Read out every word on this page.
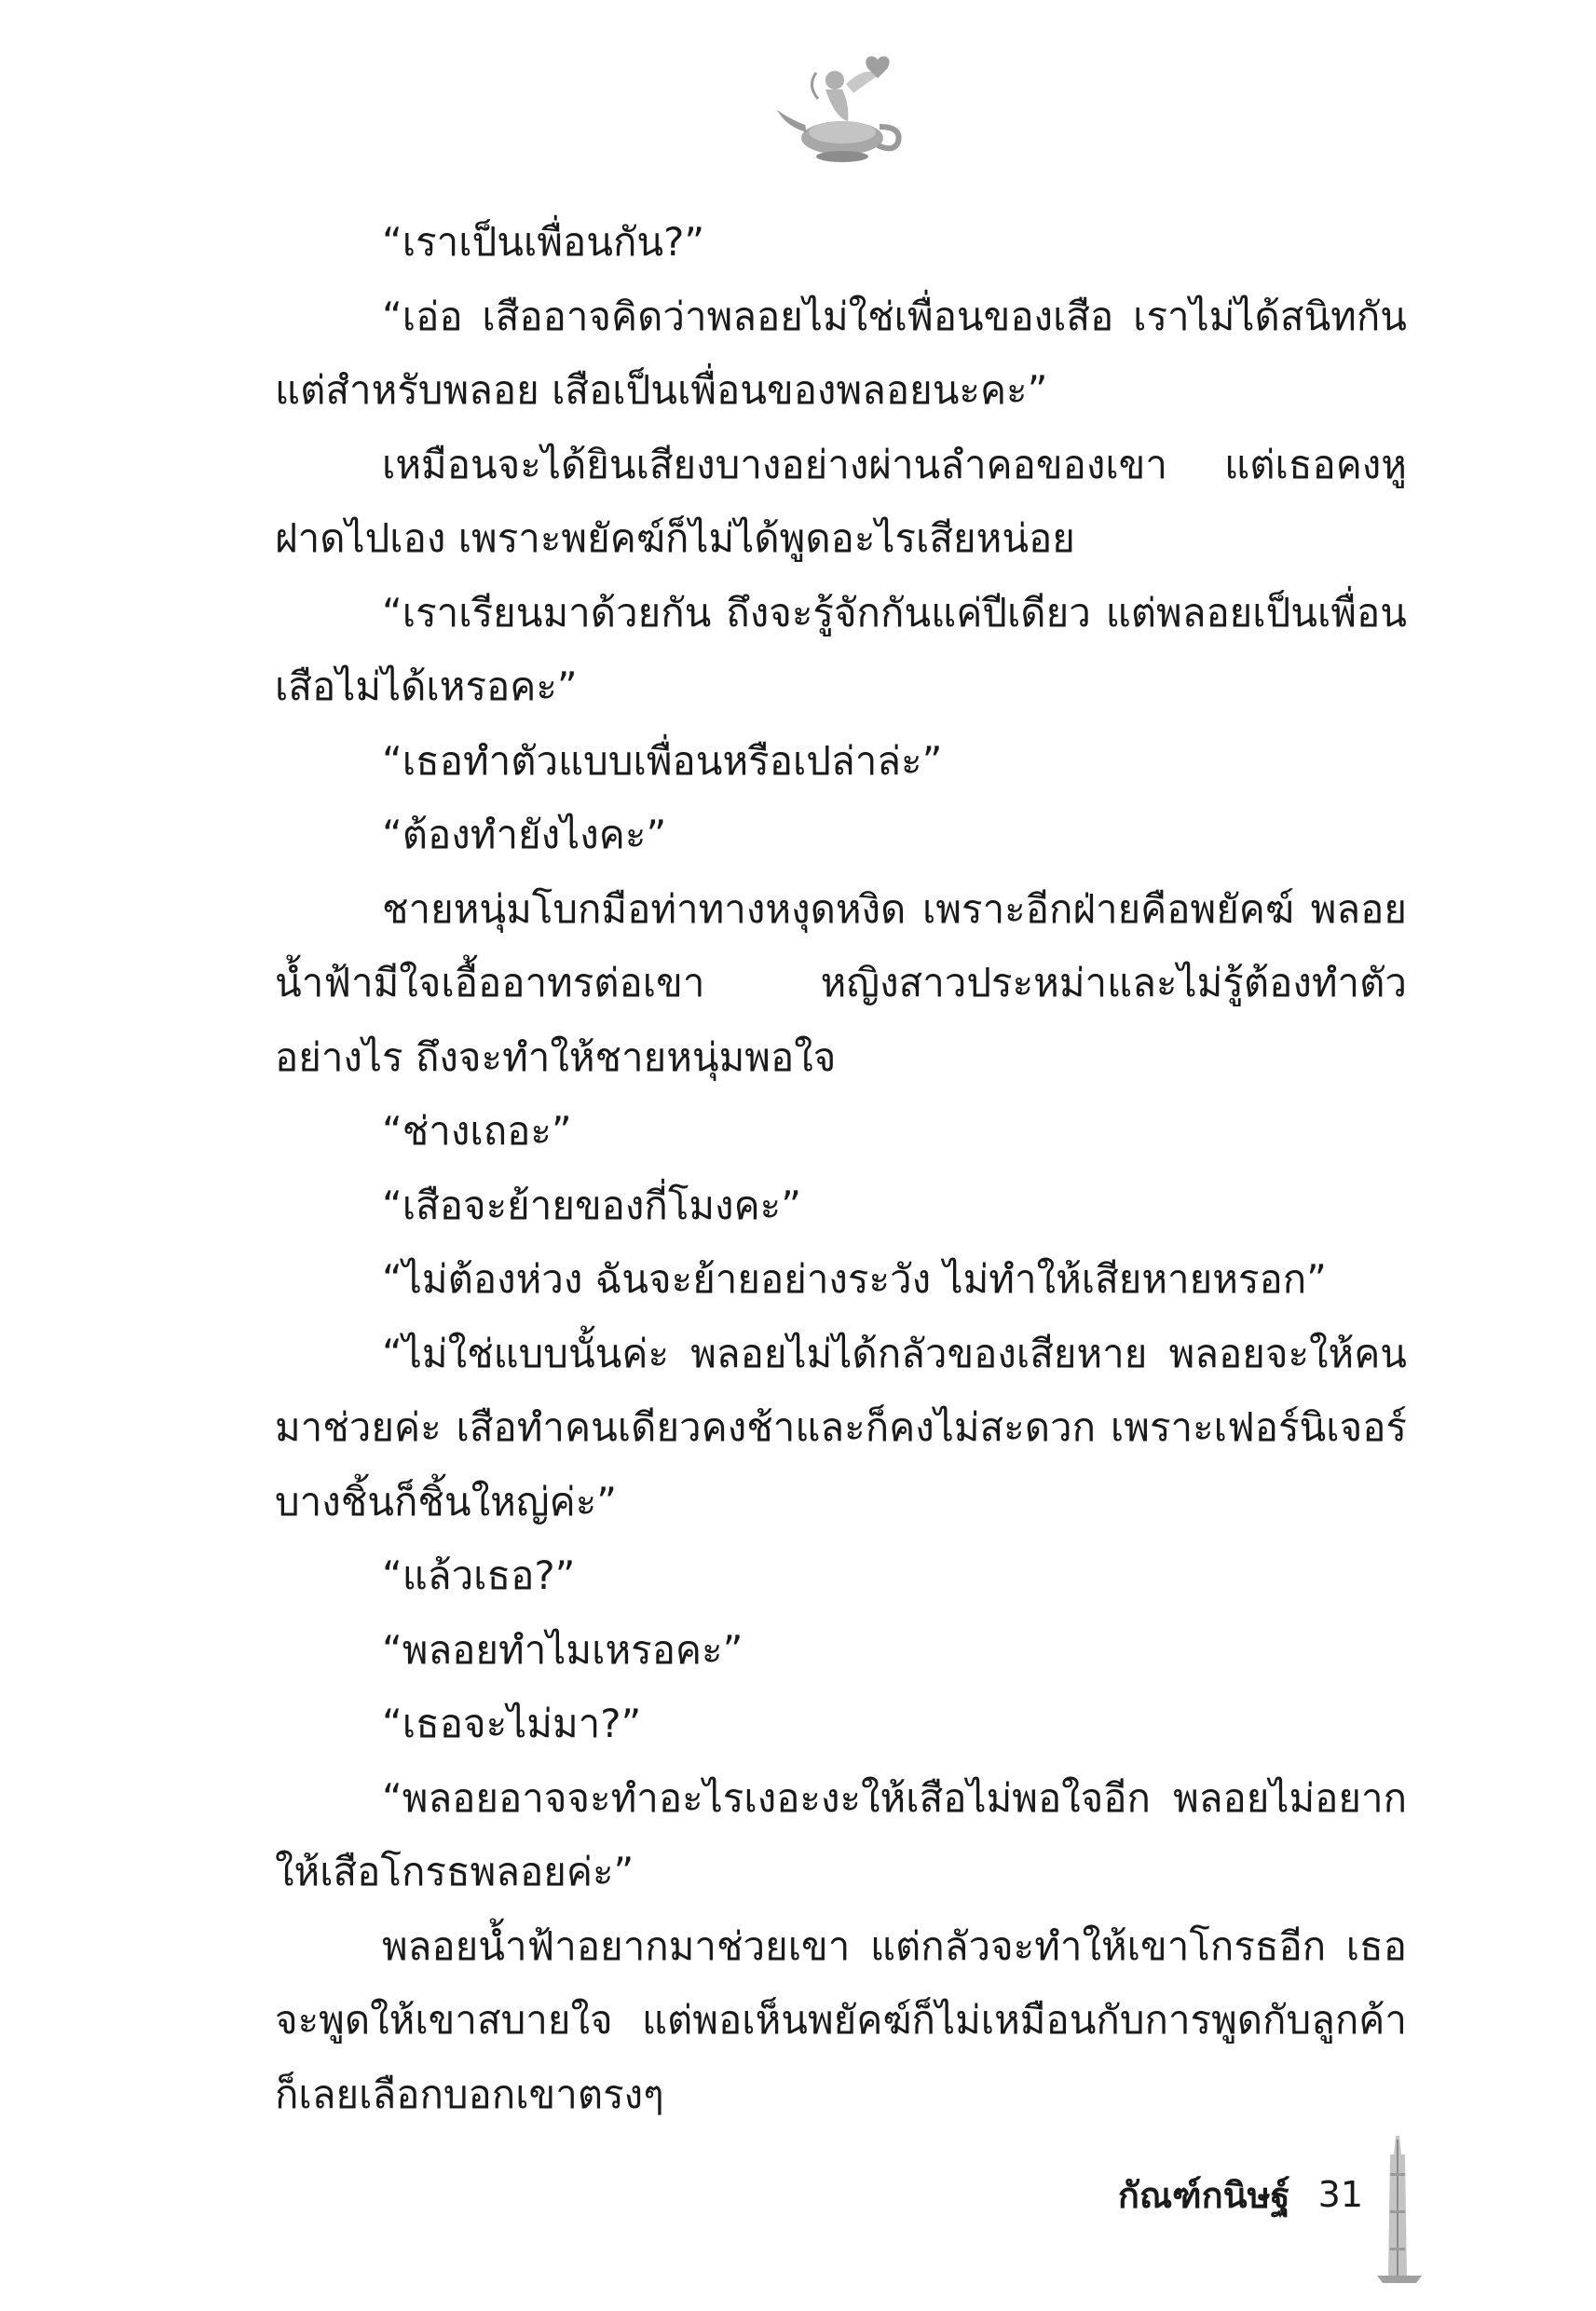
“เราเป็นเพื่อนกัน?”

“เอ่อ เสืออาจคิดว่าพลอยไม่ใช่เพื่อนของเสือ เราไม่ได้สนิทกัน แต่สำหรับพลอย เสือเป็นเพื่อนของพลอยนะคะ”

เหมือนจะได้ยินเสียงบางอย่างผ่านลำคอของเขา แต่เธอคงหูฝาดไปเอง เพราะพยัคฆ์ก็ไม่ได้พูดอะไรเสียหน่อย

“เราเรียนมาด้วยกัน ถึงจะรู้จักกันแค่ปีเดียว แต่พลอยเป็นเพื่อนเสือไม่ได้เหรอคะ”

“เธอทำตัวแบบเพื่อนหรือเปล่าล่ะ”

“ต้องทำยังไงคะ”

ชายหนุ่มโบกมือท่าทางหงุดหงิด เพราะอีกฝ่ายคือพยัคฆ์ พลอยน้ำฟ้ามีใจเอื้ออาทรต่อเขา หญิงสาวประหม่าและไม่รู้ต้องทำตัวอย่างไร ถึงจะทำให้ชายหนุ่มพอใจ

“ช่างเถอะ”

“เสือจะย้ายของกี่โมงคะ”

“ไม่ต้องห่วง ฉันจะย้ายอย่างระวัง ไม่ทำให้เสียหายหรอก”

“ไม่ใช่แบบนั้นค่ะ พลอยไม่ได้กลัวของเสียหาย พลอยจะให้คนมาช่วยค่ะ เสือทำคนเดียวคงช้าและก็คงไม่สะดวก เพราะเฟอร์นิเจอร์บางชิ้นก็ชิ้นใหญ่ค่ะ”

“แล้วเธอ?”

“พลอยทำไมเหรอคะ”

“เธอจะไม่มา?”

“พลอยอาจจะทำอะไรเงอะงะให้เสือไม่พอใจอีก พลอยไม่อยากให้เสือโกรธพลอยค่ะ”

พลอยน้ำฟ้าอยากมาช่วยเขา แต่กลัวจะทำให้เขาโกรธอีก เธอจะพูดให้เขาสบายใจ แต่พอเห็นพยัคฆ์ก็ไม่เหมือนกับการพูดกับลูกค้าก็เลยเลือกบอกเขาตรงๆ

กัณฑ์กนิษฐ์ 31
